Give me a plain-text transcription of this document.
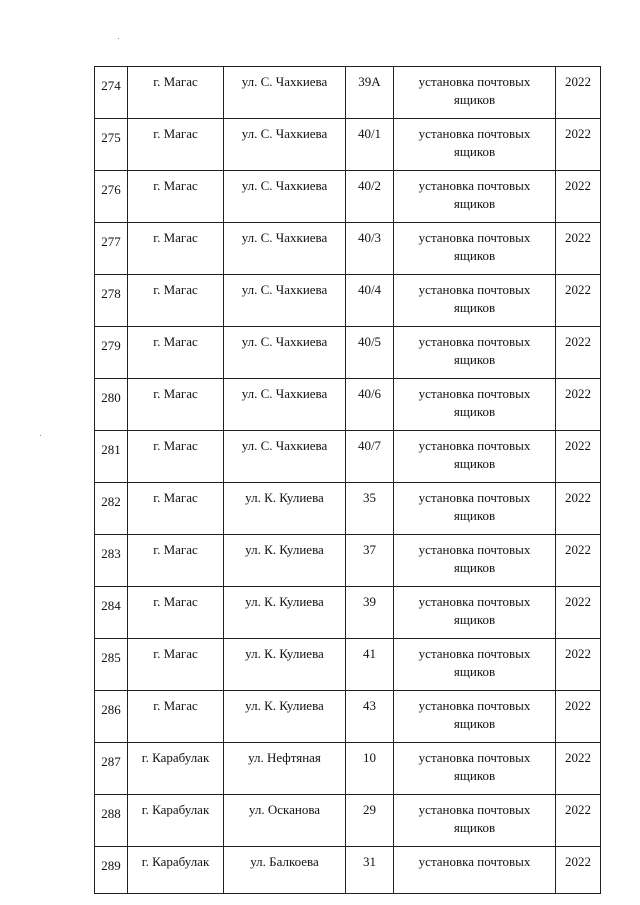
274	г. Магас	ул. С. Чахкиева	39А	установка почтовых ящиков	2022
275	г. Магас	ул. С. Чахкиева	40/1	установка почтовых ящиков	2022
276	г. Магас	ул. С. Чахкиева	40/2	установка почтовых ящиков	2022
277	г. Магас	ул. С. Чахкиева	40/3	установка почтовых ящиков	2022
278	г. Магас	ул. С. Чахкиева	40/4	установка почтовых ящиков	2022
279	г. Магас	ул. С. Чахкиева	40/5	установка почтовых ящиков	2022
280	г. Магас	ул. С. Чахкиева	40/6	установка почтовых ящиков	2022
281	г. Магас	ул. С. Чахкиева	40/7	установка почтовых ящиков	2022
282	г. Магас	ул. К. Кулиева	35	установка почтовых ящиков	2022
283	г. Магас	ул. К. Кулиева	37	установка почтовых ящиков	2022
284	г. Магас	ул. К. Кулиева	39	установка почтовых ящиков	2022
285	г. Магас	ул. К. Кулиева	41	установка почтовых ящиков	2022
286	г. Магас	ул. К. Кулиева	43	установка почтовых ящиков	2022
287	г. Карабулак	ул. Нефтяная	10	установка почтовых ящиков	2022
288	г. Карабулак	ул. Осканова	29	установка почтовых ящиков	2022
289	г. Карабулак	ул. Балкоева	31	установка почтовых	2022
